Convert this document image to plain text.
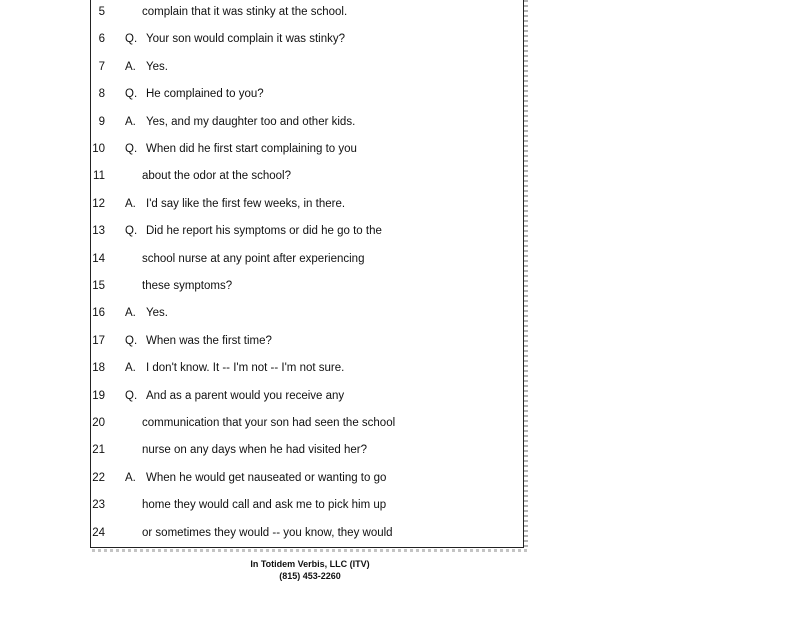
5	complain that it was stinky at the school.
6 Q. Your son would complain it was stinky?
7 A. Yes.
8 Q. He complained to you?
9 A. Yes, and my daughter too and other kids.
10 Q. When did he first start complaining to you
11	about the odor at the school?
12 A. I'd say like the first few weeks, in there.
13 Q. Did he report his symptoms or did he go to the
14	school nurse at any point after experiencing
15	these symptoms?
16 A. Yes.
17 Q. When was the first time?
18 A. I don't know. It -- I'm not -- I'm not sure.
19 Q. And as a parent would you receive any
20	communication that your son had seen the school
21	nurse on any days when he had visited her?
22 A. When he would get nauseated or wanting to go
23	home they would call and ask me to pick him up
24	or sometimes they would -- you know, they would
In Totidem Verbis, LLC (ITV)
(815) 453-2260
